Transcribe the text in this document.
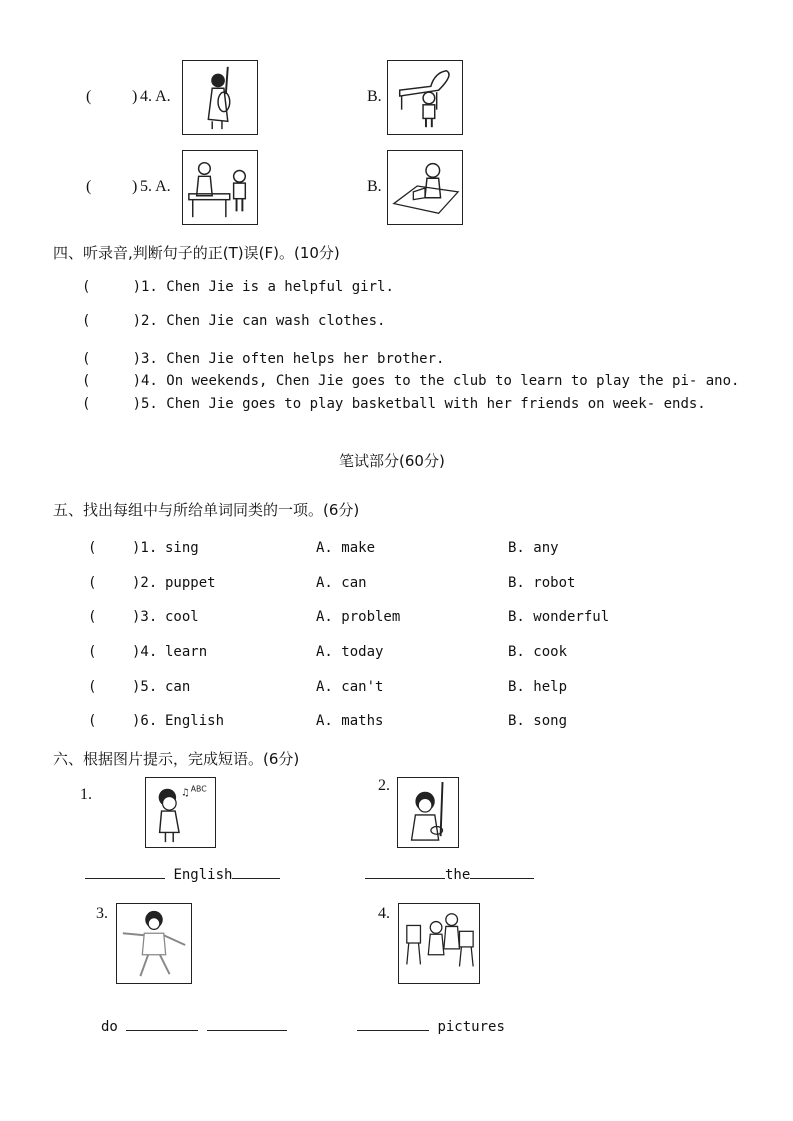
(	) 4. A.	B.
(	) 5. A.	B.
四、听录音,判断句子的正(T)误(F)。(10分)
(     )1. Chen Jie is a helpful girl.
(     )2. Chen Jie can wash clothes.
(     )3. Chen Jie often helps her brother.
(     )4. On weekends, Chen Jie goes to the club to learn to play the pi- ano.
(     )5. Chen Jie goes to play basketball with her friends on week- ends.
笔试部分(60分)
五、找出每组中与所给单词同类的一项。(6分)
(	)1. sing	A. make	B. any
(	)2. puppet	A. can	B. robot
(	)3. cool	A. problem	B. wonderful
(	)4. learn	A. today	B. cook
(	)5. can	A. can't	B. help
(	)6. English	A. maths	B. song
六、根据图片提示，完成短语。(6分)
1.	♫ ABC
English
2.
the
3.
do
4.
pictures
